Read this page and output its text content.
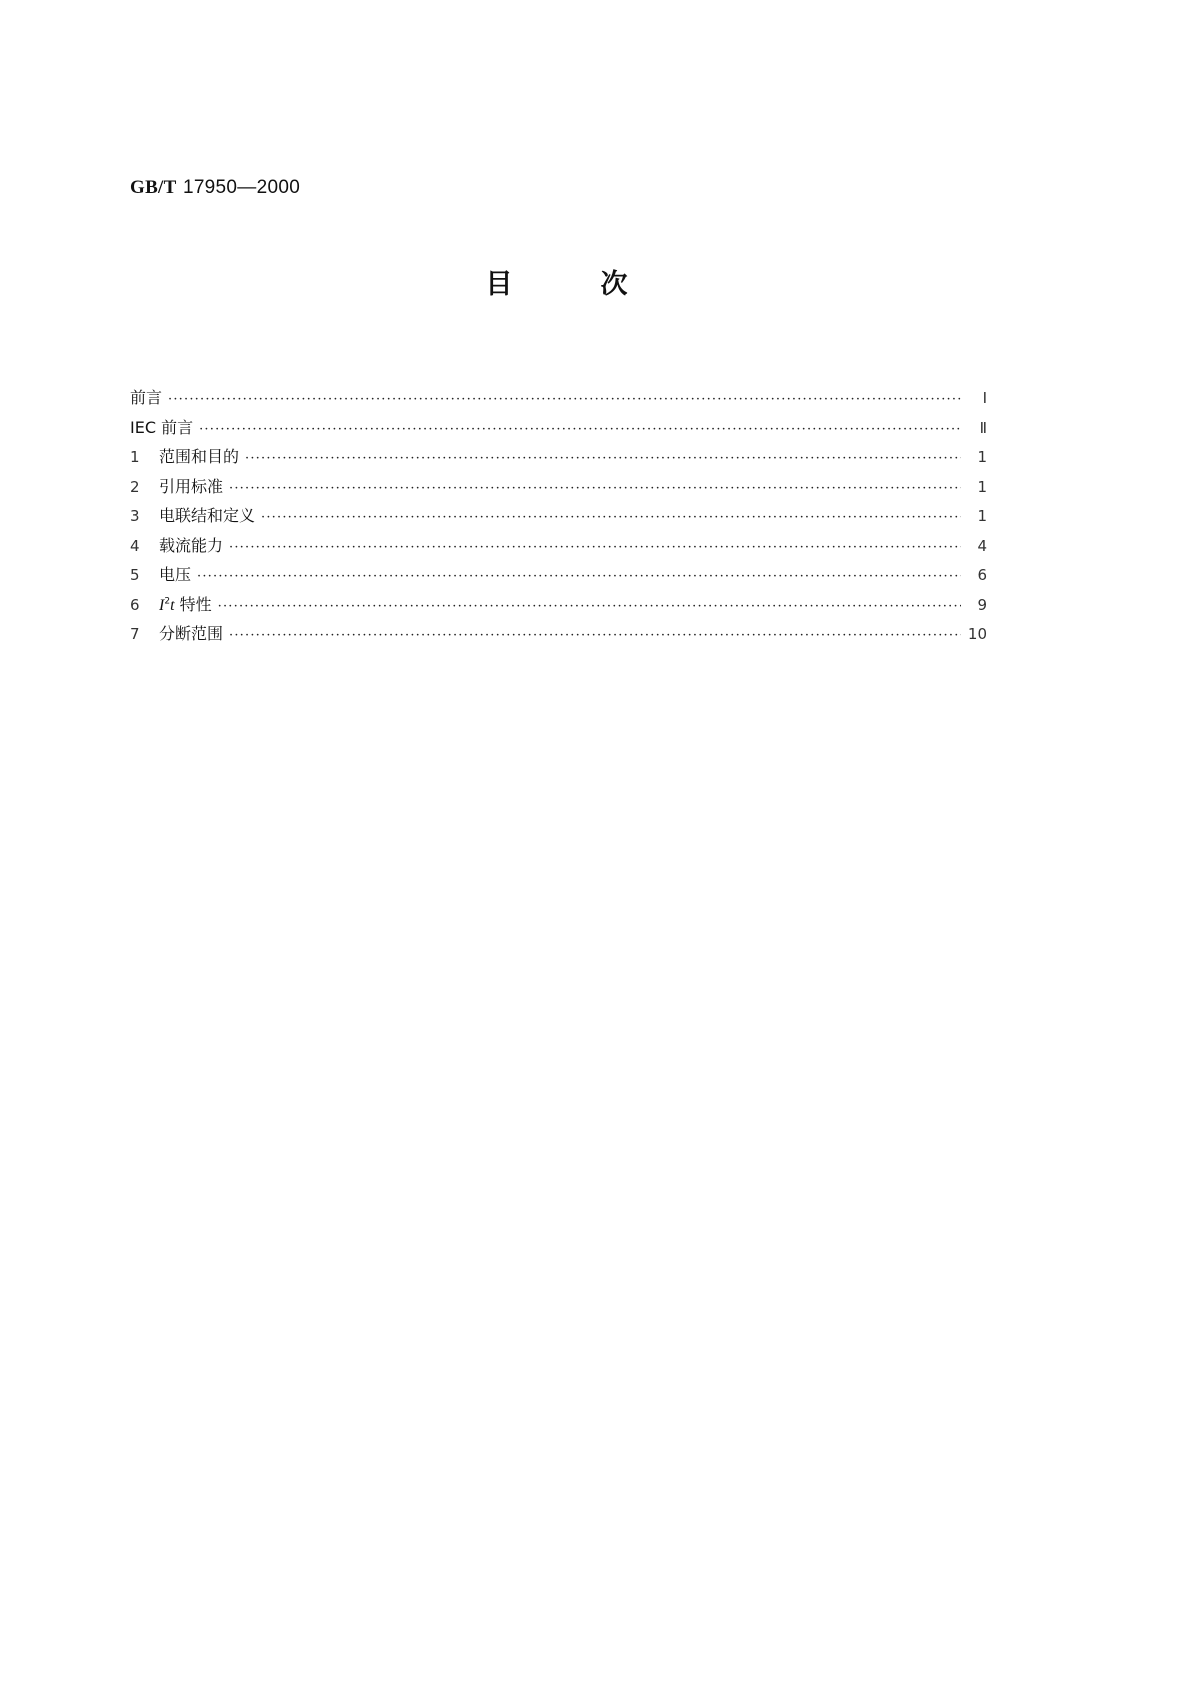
GB/T 17950—2000
目	次
前言 ·····	Ⅰ
IEC 前言 ·····	Ⅱ
1	范围和目的 ·····	1
2	引用标准 ·····	1
3	电联结和定义 ·····	1
4	载流能力 ·····	4
5	电压 ·····	6
6	$I^2t$ 特性 ·····	9
7	分断范围 ·····	10
